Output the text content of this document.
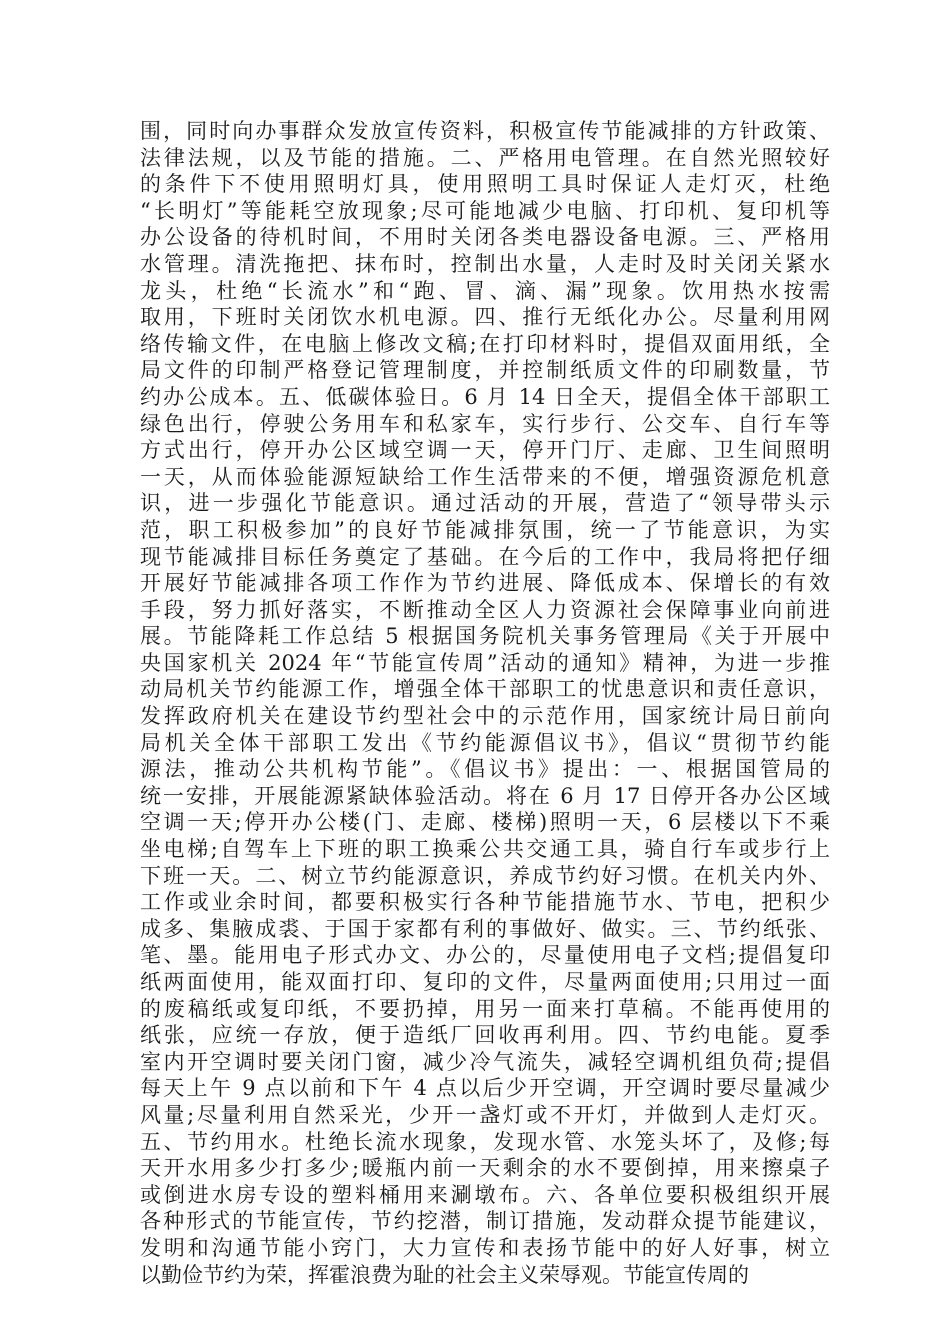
围，同时向办事群众发放宣传资料，积极宣传节能减排的方针政策、
法律法规，以及节能的措施。二、严格用电管理。在自然光照较好
的条件下不使用照明灯具，使用照明工具时保证人走灯灭，杜绝
“长明灯”等能耗空放现象;尽可能地减少电脑、打印机、复印机等
办公设备的待机时间，不用时关闭各类电器设备电源。三、严格用
水管理。清洗拖把、抹布时，控制出水量，人走时及时关闭关紧水
龙头，杜绝“长流水”和“跑、冒、滴、漏”现象。饮用热水按需
取用，下班时关闭饮水机电源。四、推行无纸化办公。尽量利用网
络传输文件，在电脑上修改文稿;在打印材料时，提倡双面用纸，全
局文件的印制严格登记管理制度，并控制纸质文件的印刷数量，节
约办公成本。五、低碳体验日。6 月 14 日全天，提倡全体干部职工
绿色出行，停驶公务用车和私家车，实行步行、公交车、自行车等
方式出行，停开办公区域空调一天，停开门厅、走廊、卫生间照明
一天，从而体验能源短缺给工作生活带来的不便，增强资源危机意
识，进一步强化节能意识。通过活动的开展，营造了“领导带头示
范，职工积极参加”的良好节能减排氛围，统一了节能意识，为实
现节能减排目标任务奠定了基础。在今后的工作中，我局将把仔细
开展好节能减排各项工作作为节约进展、降低成本、保增长的有效
手段，努力抓好落实，不断推动全区人力资源社会保障事业向前进
展。节能降耗工作总结 5 根据国务院机关事务管理局《关于开展中
央国家机关 2024 年“节能宣传周”活动的通知》精神，为进一步推
动局机关节约能源工作，增强全体干部职工的忧患意识和责任意识，
发挥政府机关在建设节约型社会中的示范作用，国家统计局日前向
局机关全体干部职工发出《节约能源倡议书》，倡议“贯彻节约能
源法，推动公共机构节能”。《倡议书》提出：一、根据国管局的
统一安排，开展能源紧缺体验活动。将在 6 月 17 日停开各办公区域
空调一天;停开办公楼(门、走廊、楼梯)照明一天，6 层楼以下不乘
坐电梯;自驾车上下班的职工换乘公共交通工具，骑自行车或步行上
下班一天。二、树立节约能源意识，养成节约好习惯。在机关内外、
工作或业余时间，都要积极实行各种节能措施节水、节电，把积少
成多、集腋成裘、于国于家都有利的事做好、做实。三、节约纸张、
笔、墨。能用电子形式办文、办公的，尽量使用电子文档;提倡复印
纸两面使用，能双面打印、复印的文件，尽量两面使用;只用过一面
的废稿纸或复印纸，不要扔掉，用另一面来打草稿。不能再使用的
纸张，应统一存放，便于造纸厂回收再利用。四、节约电能。夏季
室内开空调时要关闭门窗，减少冷气流失，减轻空调机组负荷;提倡
每天上午 9 点以前和下午 4 点以后少开空调，开空调时要尽量减少
风量;尽量利用自然采光，少开一盏灯或不开灯，并做到人走灯灭。
五、节约用水。杜绝长流水现象，发现水管、水笼头坏了，及修;每
天开水用多少打多少;暖瓶内前一天剩余的水不要倒掉，用来擦桌子
或倒进水房专设的塑料桶用来涮墩布。六、各单位要积极组织开展
各种形式的节能宣传，节约挖潜，制订措施，发动群众提节能建议，
发明和沟通节能小窍门，大力宣传和表扬节能中的好人好事，树立
以勤俭节约为荣，挥霍浪费为耻的社会主义荣辱观。节能宣传周的
